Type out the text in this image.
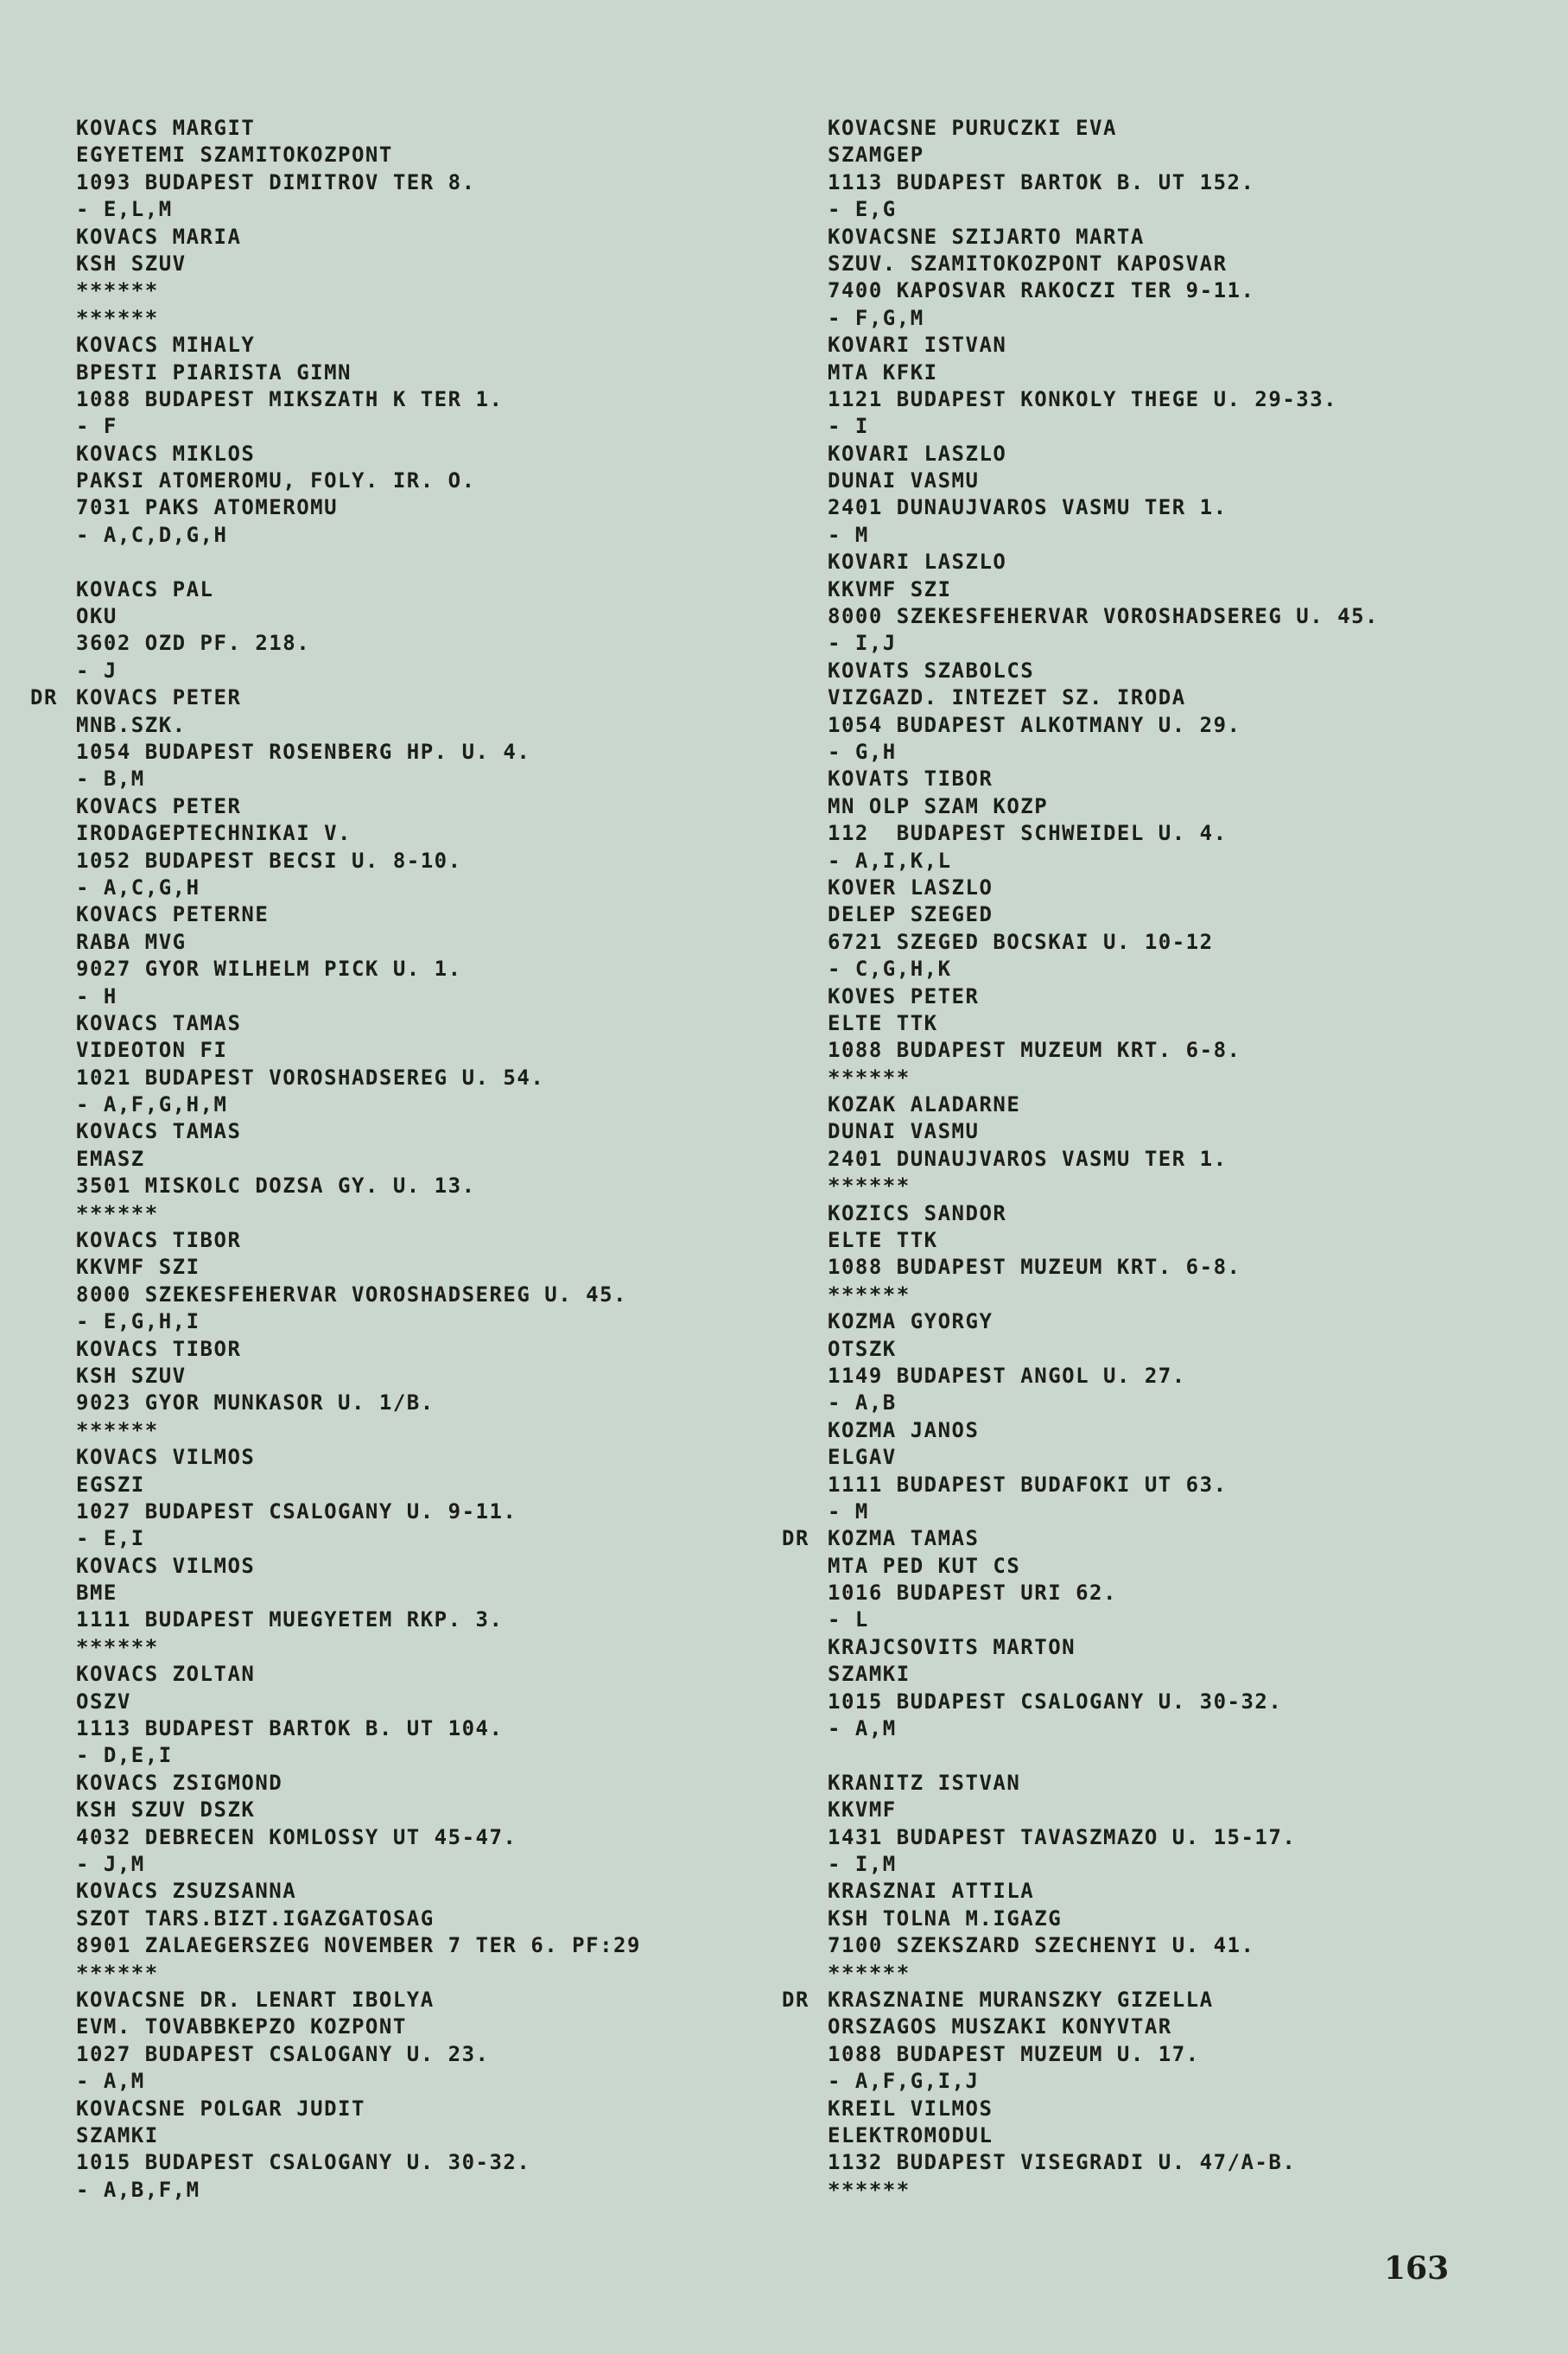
KOVACS MARGIT
EGYETEMI SZAMITOKOZPONT
1093 BUDAPEST DIMITROV TER 8.
- E,L,M
KOVACS MARIA
KSH SZUV
******
******
KOVACS MIHALY
BPESTI PIARISTA GIMN
1088 BUDAPEST MIKSZATH K TER 1.
- F
KOVACS MIKLOS
PAKSI ATOMEROMU, FOLY. IR. O.
7031 PAKS ATOMEROMU
- A,C,D,G,H
KOVACS PAL
OKU
3602 OZD PF. 218.
- J
DR KOVACS PETER
MNB.SZK.
1054 BUDAPEST ROSENBERG HP. U. 4.
- B,M
KOVACS PETER
IRODAGEPTECHNIKAI V.
1052 BUDAPEST BECSI U. 8-10.
- A,C,G,H
KOVACS PETERNE
RABA MVG
9027 GYOR WILHELM PICK U. 1.
- H
KOVACS TAMAS
VIDEOTON FI
1021 BUDAPEST VOROSHADSEREG U. 54.
- A,F,G,H,M
KOVACS TAMAS
EMASZ
3501 MISKOLC DOZSA GY. U. 13.
******
KOVACS TIBOR
KKVMF SZI
8000 SZEKESFEHERVAR VOROSHADSEREG U. 45.
- E,G,H,I
KOVACS TIBOR
KSH SZUV
9023 GYOR MUNKASOR U. 1/B.
******
KOVACS VILMOS
EGSZI
1027 BUDAPEST CSALOGANY U. 9-11.
- E,I
KOVACS VILMOS
BME
1111 BUDAPEST MUEGYETEM RKP. 3.
******
KOVACS ZOLTAN
OSZV
1113 BUDAPEST BARTOK B. UT 104.
- D,E,I
KOVACS ZSIGMOND
KSH SZUV DSZK
4032 DEBRECEN KOMLOSSY UT 45-47.
- J,M
KOVACS ZSUZSANNA
SZOT TARS.BIZT.IGAZGATOSAG
8901 ZALAEGERSZEG NOVEMBER 7 TER 6. PF:29
******
KOVACSNE DR. LENART IBOLYA
EVM. TOVABBKEPZO KOZPONT
1027 BUDAPEST CSALOGANY U. 23.
- A,M
KOVACSNE POLGAR JUDIT
SZAMKI
1015 BUDAPEST CSALOGANY U. 30-32.
- A,B,F,M
KOVACSNE PURUCZKI EVA
SZAMGEP
1113 BUDAPEST BARTOK B. UT 152.
- E,G
KOVACSNE SZIJARTO MARTA
SZUV. SZAMITOKOZPONT KAPOSVAR
7400 KAPOSVAR RAKOCZI TER 9-11.
- F,G,M
KOVARI ISTVAN
MTA KFKI
1121 BUDAPEST KONKOLY THEGE U. 29-33.
- I
KOVARI LASZLO
DUNAI VASMU
2401 DUNAUJVAROS VASMU TER 1.
- M
KOVARI LASZLO
KKVMF SZI
8000 SZEKESFEHERVAR VOROSHADSEREG U. 45.
- I,J
KOVATS SZABOLCS
VIZGAZD. INTEZET SZ. IRODA
1054 BUDAPEST ALKOTMANY U. 29.
- G,H
KOVATS TIBOR
MN OLP SZAM KOZP
112  BUDAPEST SCHWEIDEL U. 4.
- A,I,K,L
KOVER LASZLO
DELEP SZEGED
6721 SZEGED BOCSKAI U. 10-12
- C,G,H,K
KOVES PETER
ELTE TTK
1088 BUDAPEST MUZEUM KRT. 6-8.
******
KOZAK ALADARNE
DUNAI VASMU
2401 DUNAUJVAROS VASMU TER 1.
******
KOZICS SANDOR
ELTE TTK
1088 BUDAPEST MUZEUM KRT. 6-8.
******
KOZMA GYORGY
OTSZK
1149 BUDAPEST ANGOL U. 27.
- A,B
KOZMA JANOS
ELGAV
1111 BUDAPEST BUDAFOKI UT 63.
- M
DR KOZMA TAMAS
MTA PED KUT CS
1016 BUDAPEST URI 62.
- L
KRAJCSOVITS MARTON
SZAMKI
1015 BUDAPEST CSALOGANY U. 30-32.
- A,M
KRANITZ ISTVAN
KKVMF
1431 BUDAPEST TAVASZMAZO U. 15-17.
- I,M
KRASZNAI ATTILA
KSH TOLNA M.IGAZG
7100 SZEKSZARD SZECHENYI U. 41.
******
DR KRASZNAINE MURANSZKY GIZELLA
ORSZAGOS MUSZAKI KONYVTAR
1088 BUDAPEST MUZEUM U. 17.
- A,F,G,I,J
KREIL VILMOS
ELEKTROMODUL
1132 BUDAPEST VISEGRADI U. 47/A-B.
******
163
